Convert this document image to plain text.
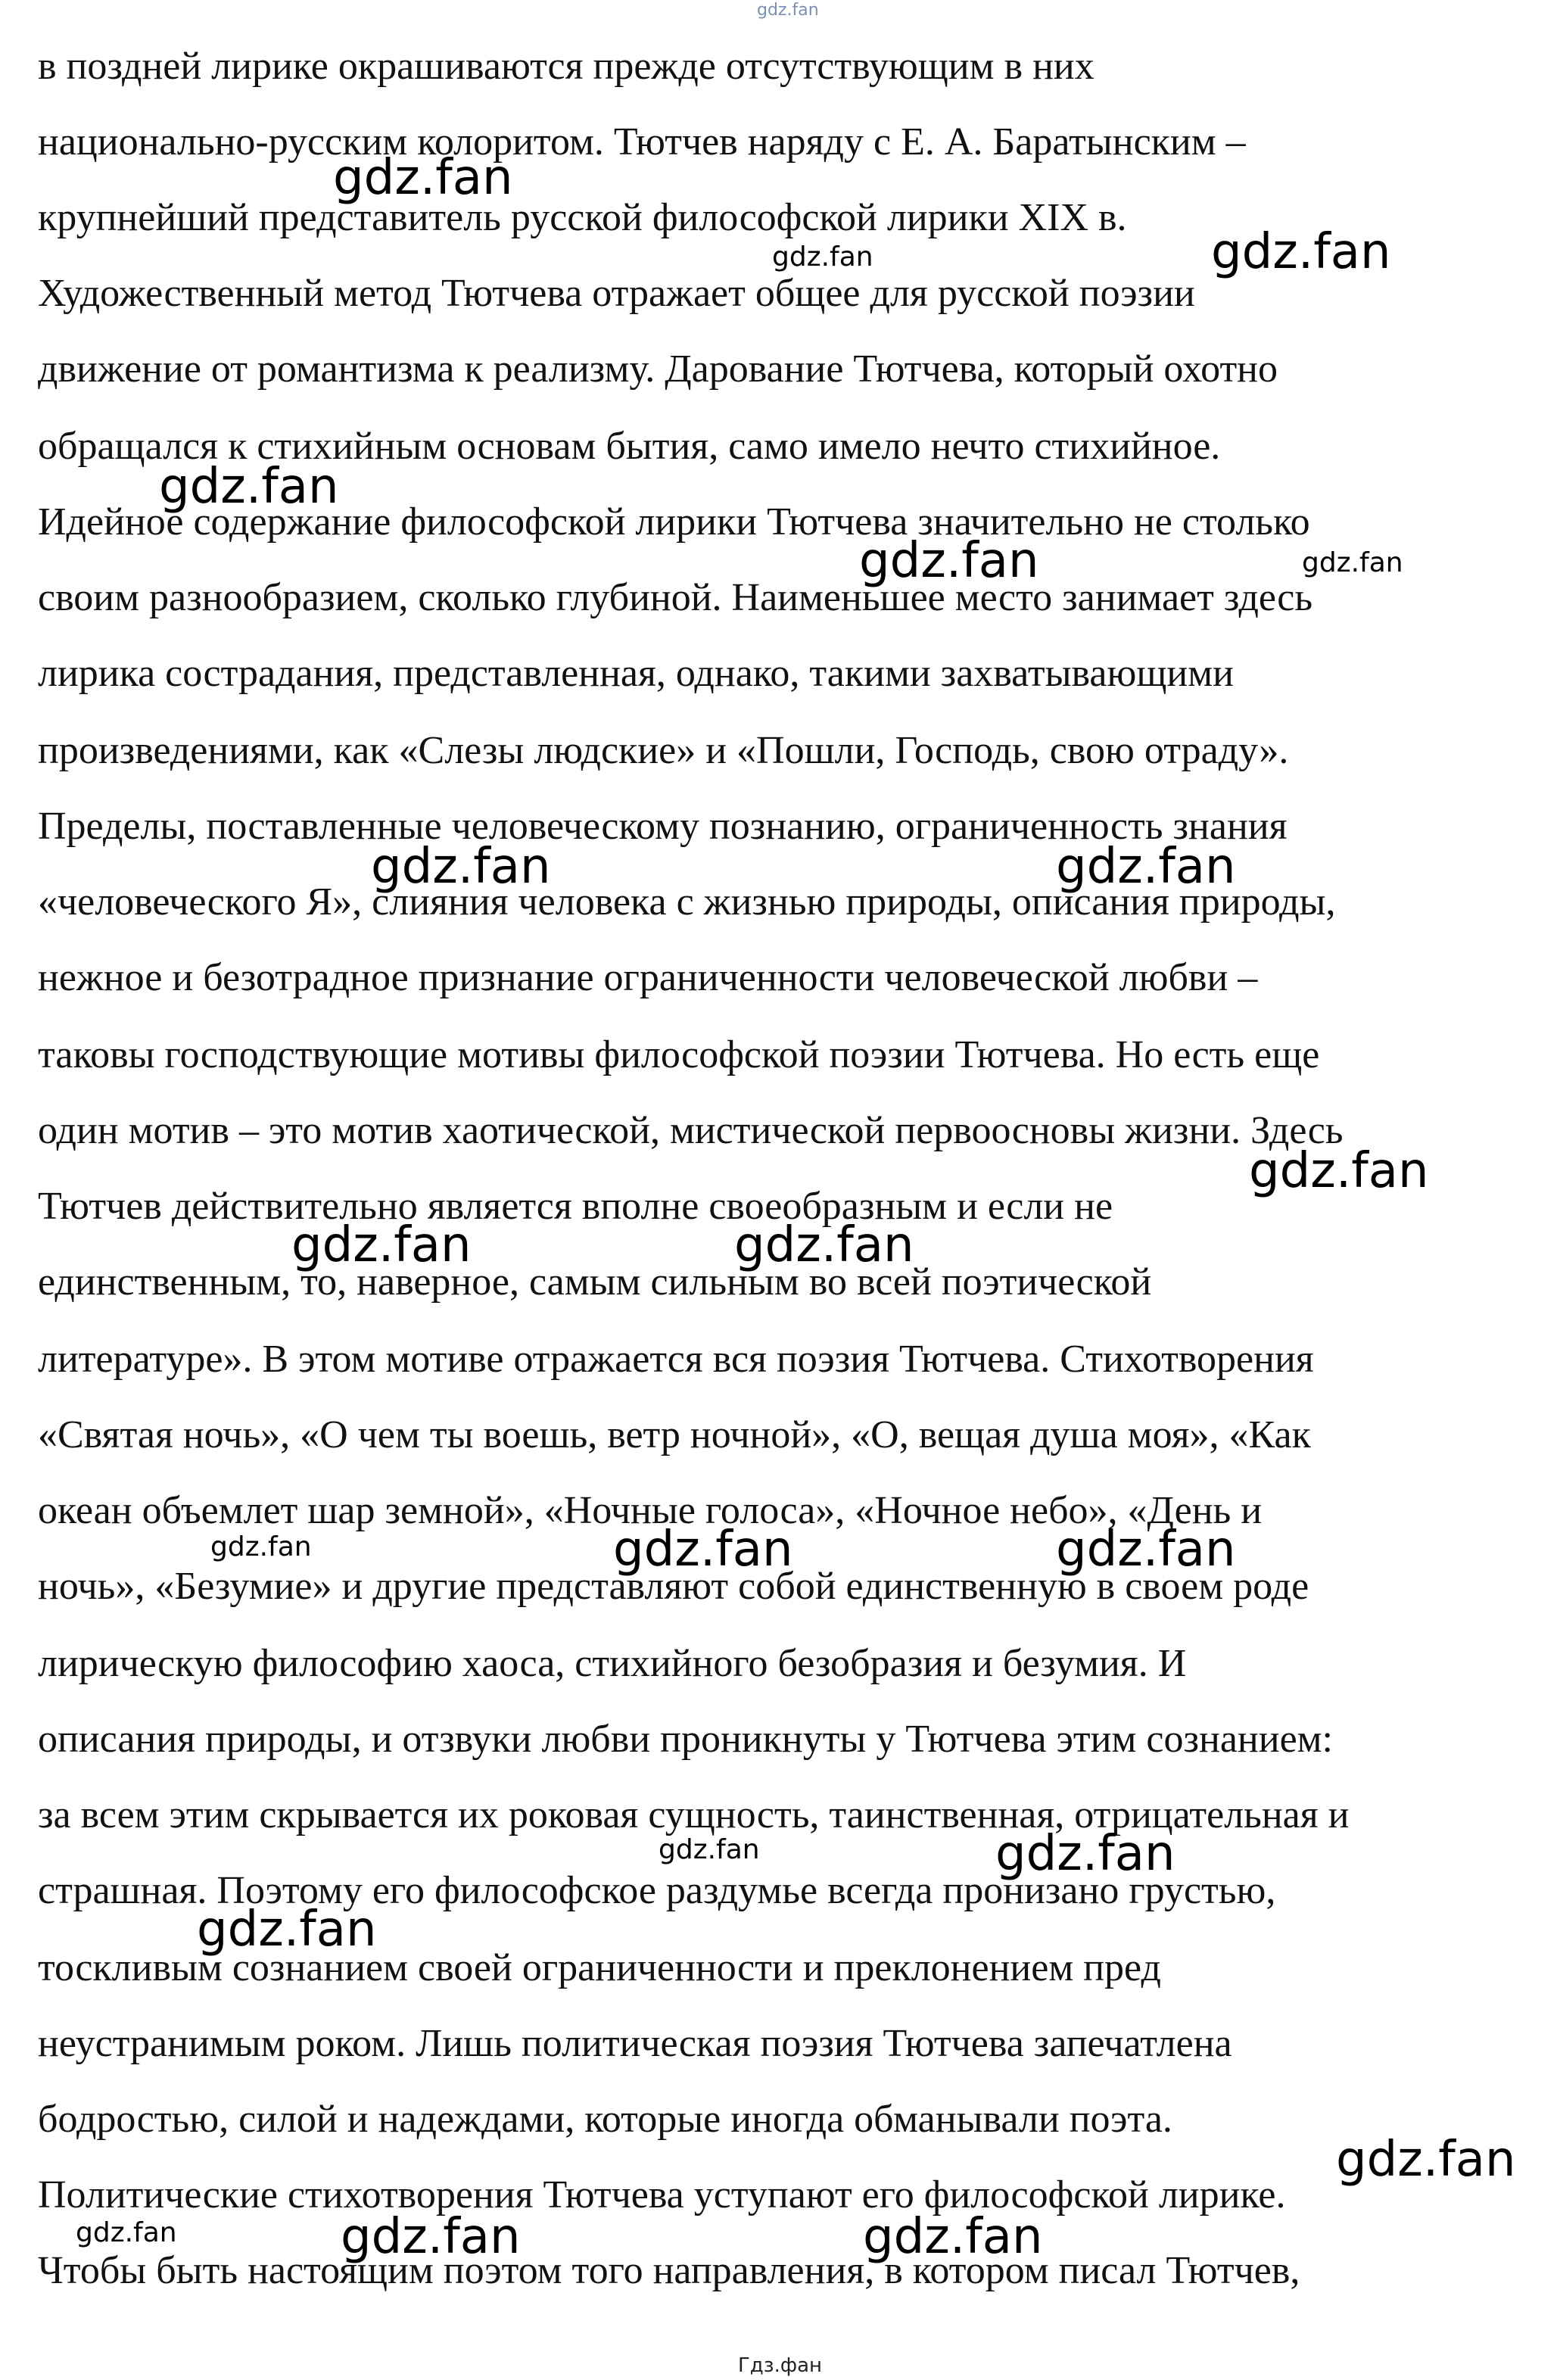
gdz.fan

в поздней лирике окрашиваются прежде отсутствующим в них

национально-русским колоритом. Тютчев наряду с Е. А. Баратынским –

крупнейший представитель русской философской лирики XIX в.

Художественный метод Тютчева отражает общее для русской поэзии

движение от романтизма к реализму. Дарование Тютчева, который охотно

обращался к стихийным основам бытия, само имело нечто стихийное.

Идейное содержание философской лирики Тютчева значительно не столько

своим разнообразием, сколько глубиной. Наименьшее место занимает здесь

лирика сострадания, представленная, однако, такими захватывающими

произведениями, как «Слезы людские» и «Пошли, Господь, свою отраду».

Пределы, поставленные человеческому познанию, ограниченность знания

«человеческого Я», слияния человека с жизнью природы, описания природы,

нежное и безотрадное признание ограниченности человеческой любви –

таковы господствующие мотивы философской поэзии Тютчева. Но есть еще

один мотив – это мотив хаотической, мистической первоосновы жизни. Здесь

Тютчев действительно является вполне своеобразным и если не

единственным, то, наверное, самым сильным во всей поэтической

литературе». В этом мотиве отражается вся поэзия Тютчева. Стихотворения

«Святая ночь», «О чем ты воешь, ветр ночной», «О, вещая душа моя», «Как

океан объемлет шар земной», «Ночные голоса», «Ночное небо», «День и

ночь», «Безумие» и другие представляют собой единственную в своем роде

лирическую философию хаоса, стихийного безобразия и безумия. И

описания природы, и отзвуки любви проникнуты у Тютчева этим сознанием:

за всем этим скрывается их роковая сущность, таинственная, отрицательная и

страшная. Поэтому его философское раздумье всегда пронизано грустью,

тоскливым сознанием своей ограниченности и преклонением пред

неустранимым роком. Лишь политическая поэзия Тютчева запечатлена

бодростью, силой и надеждами, которые иногда обманывали поэта.

Политические стихотворения Тютчева уступают его философской лирике.

Чтобы быть настоящим поэтом того направления, в котором писал Тютчев,

gdz.fan
gdz.fan	gdz.fan
gdz.fan
gdz.fan	gdz.fan
gdz.fan	gdz.fan
gdz.fan
gdz.fan	gdz.fan
gdz.fan	gdz.fan	gdz.fan
gdz.fan	gdz.fan
gdz.fan
gdz.fan
gdz.fan	gdz.fan	gdz.fan
Гдз.фан
